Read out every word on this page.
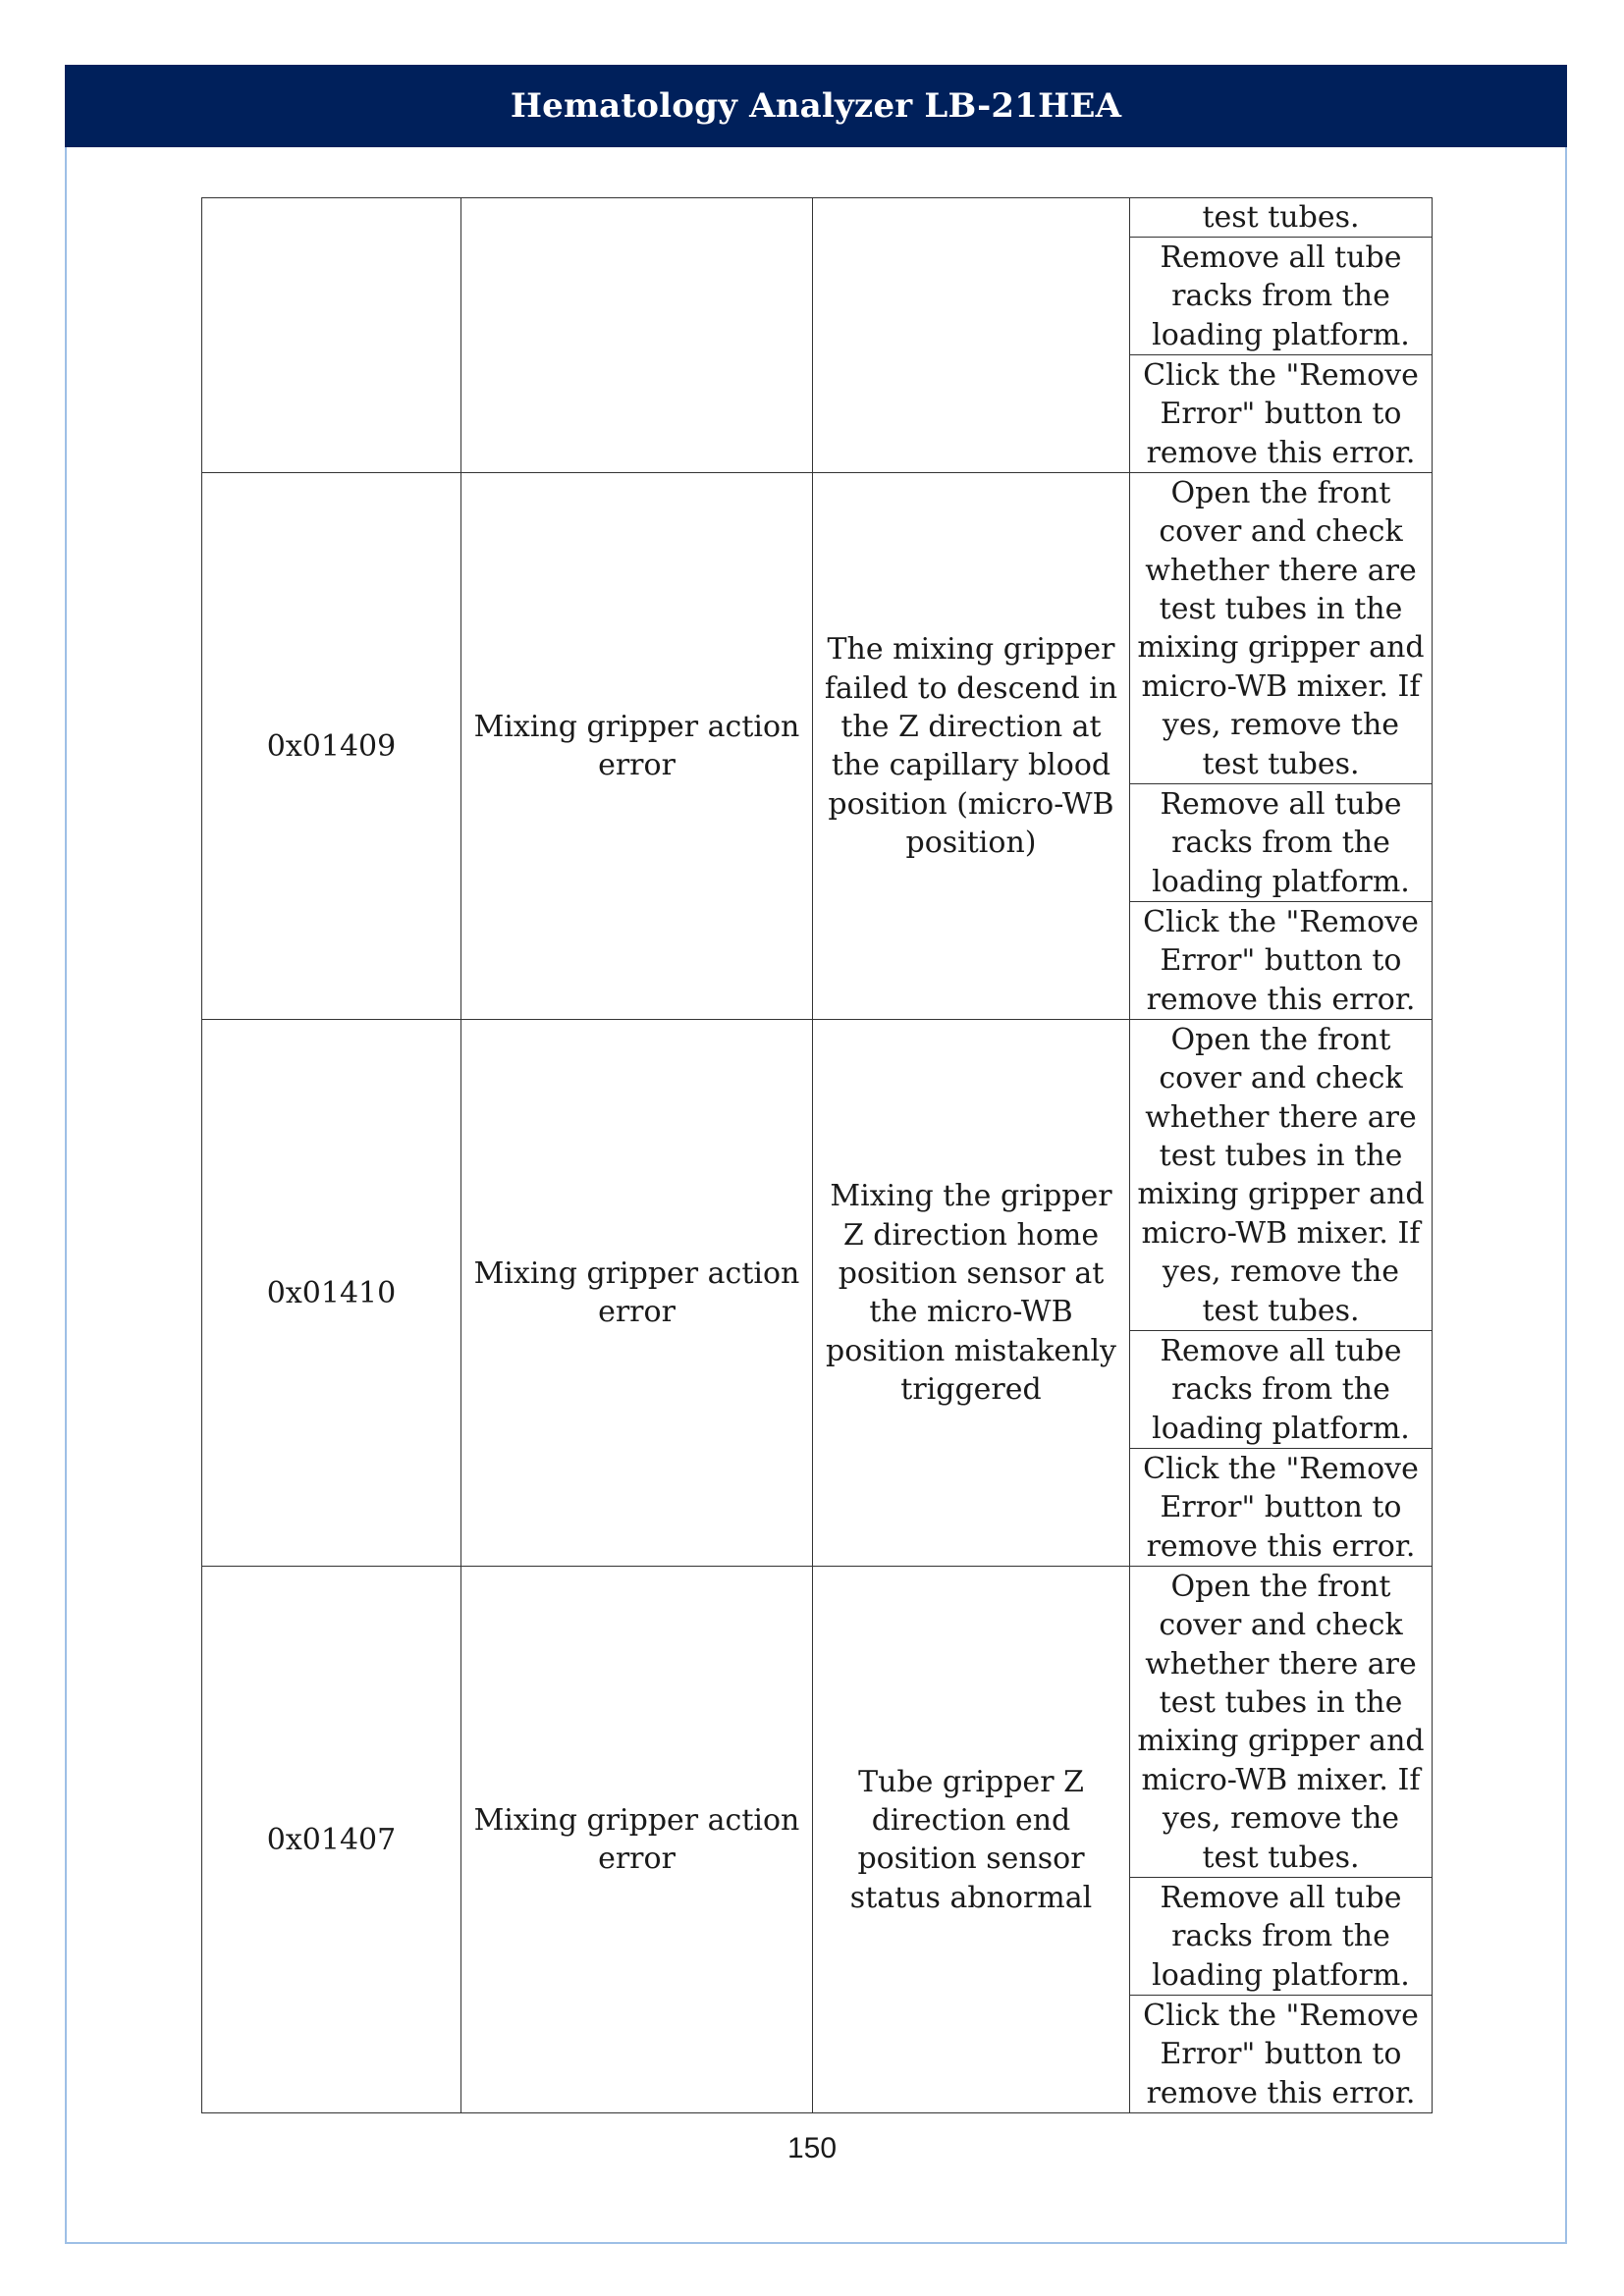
Hematology Analyzer LB-21HEA
			test tubes.
			Remove all tube racks from the loading platform.
			Click the "Remove Error" button to remove this error.
0x01409	Mixing gripper action error	The mixing gripper failed to descend in the Z direction at the capillary blood position (micro-WB position)	Open the front cover and check whether there are test tubes in the mixing gripper and micro-WB mixer. If yes, remove the test tubes.
			Remove all tube racks from the loading platform.
			Click the "Remove Error" button to remove this error.
0x01410	Mixing gripper action error	Mixing the gripper Z direction home position sensor at the micro-WB position mistakenly triggered	Open the front cover and check whether there are test tubes in the mixing gripper and micro-WB mixer. If yes, remove the test tubes.
			Remove all tube racks from the loading platform.
			Click the "Remove Error" button to remove this error.
0x01407	Mixing gripper action error	Tube gripper Z direction end position sensor status abnormal	Open the front cover and check whether there are test tubes in the mixing gripper and micro-WB mixer. If yes, remove the test tubes.
			Remove all tube racks from the loading platform.
			Click the "Remove Error" button to remove this error.
150
